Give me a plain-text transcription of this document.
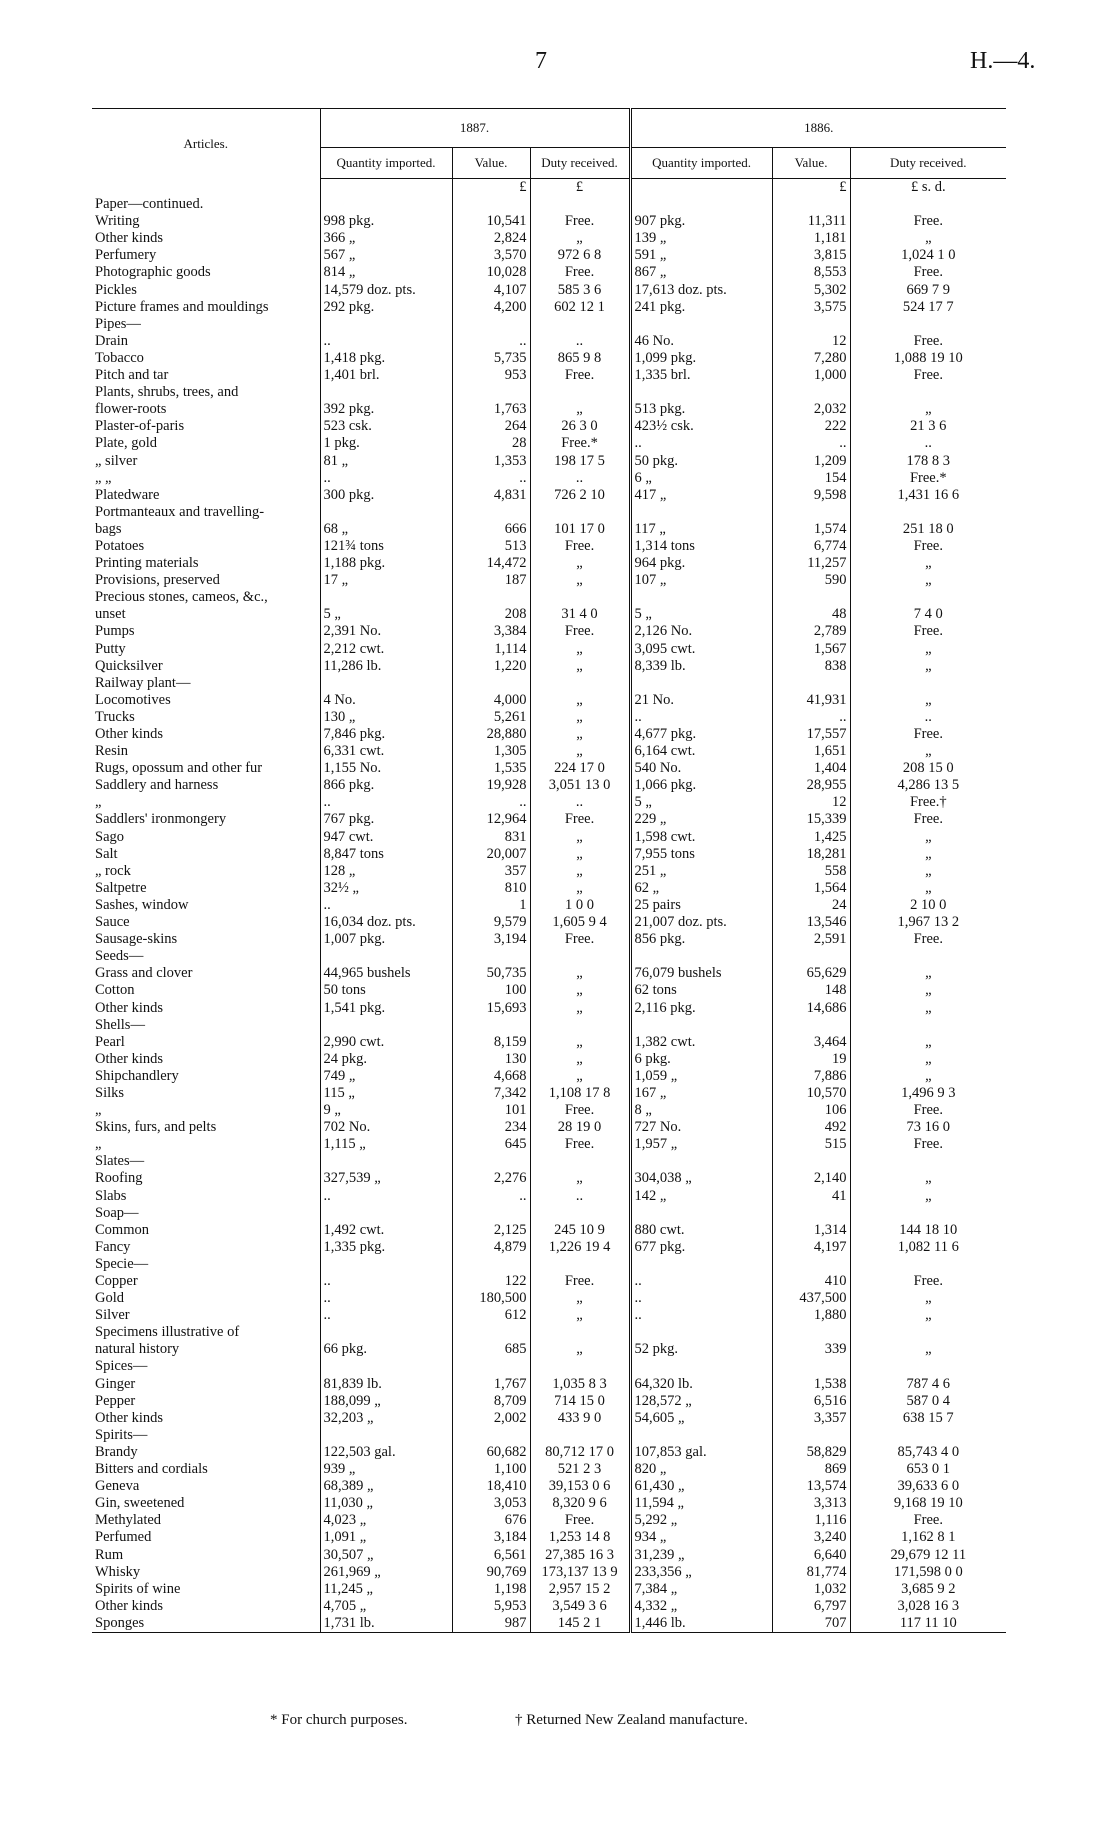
7	H.—4.
Articles.	1887.			1886.		
	Quantity imported.	Value.	Duty received.	Quantity imported.	Value.	Duty received.
		£	£		£	£ s. d.
Paper—continued.						
Writing	998 pkg.	10,541	Free.	907 pkg.	11,311	Free.
Other kinds	366 „	2,824	„	139 „	1,181	„
Perfumery	567 „	3,570	972 6 8	591 „	3,815	1,024 1 0
Photographic goods	814 „	10,028	Free.	867 „	8,553	Free.
Pickles	14,579 doz. pts.	4,107	585 3 6	17,613 doz. pts.	5,302	669 7 9
Picture frames and mouldings	292 pkg.	4,200	602 12 1	241 pkg.	3,575	524 17 7
Pipes—						
Drain	..	..	..	46 No.	12	Free.
Tobacco	1,418 pkg.	5,735	865 9 8	1,099 pkg.	7,280	1,088 19 10
Pitch and tar	1,401 brl.	953	Free.	1,335 brl.	1,000	Free.
Plants, shrubs, trees, and						
flower-roots	392 pkg.	1,763	„	513 pkg.	2,032	„
Plaster-of-paris	523 csk.	264	26 3 0	423½ csk.	222	21 3 6
Plate, gold	1 pkg.	28	Free.*	..	..	..
„ silver	81 „	1,353	198 17 5	50 pkg.	1,209	178 8 3
„ „	..	..	..	6 „	154	Free.*
Platedware	300 pkg.	4,831	726 2 10	417 „	9,598	1,431 16 6
Portmanteaux and travelling-						
bags	68 „	666	101 17 0	117 „	1,574	251 18 0
Potatoes	121¾ tons	513	Free.	1,314 tons	6,774	Free.
Printing materials	1,188 pkg.	14,472	„	964 pkg.	11,257	„
Provisions, preserved	17 „	187	„	107 „	590	„
Precious stones, cameos, &c.,						
unset	5 „	208	31 4 0	5 „	48	7 4 0
Pumps	2,391 No.	3,384	Free.	2,126 No.	2,789	Free.
Putty	2,212 cwt.	1,114	„	3,095 cwt.	1,567	„
Quicksilver	11,286 lb.	1,220	„	8,339 lb.	838	„
Railway plant—						
Locomotives	4 No.	4,000	„	21 No.	41,931	„
Trucks	130 „	5,261	„	..	..	..
Other kinds	7,846 pkg.	28,880	„	4,677 pkg.	17,557	Free.
Resin	6,331 cwt.	1,305	„	6,164 cwt.	1,651	„
Rugs, opossum and other fur	1,155 No.	1,535	224 17 0	540 No.	1,404	208 15 0
Saddlery and harness	866 pkg.	19,928	3,051 13 0	1,066 pkg.	28,955	4,286 13 5
„	..	..	..	5 „	12	Free.†
Saddlers' ironmongery	767 pkg.	12,964	Free.	229 „	15,339	Free.
Sago	947 cwt.	831	„	1,598 cwt.	1,425	„
Salt	8,847 tons	20,007	„	7,955 tons	18,281	„
„ rock	128 „	357	„	251 „	558	„
Saltpetre	32½ „	810	„	62 „	1,564	„
Sashes, window	..	1	1 0 0	25 pairs	24	2 10 0
Sauce	16,034 doz. pts.	9,579	1,605 9 4	21,007 doz. pts.	13,546	1,967 13 2
Sausage-skins	1,007 pkg.	3,194	Free.	856 pkg.	2,591	Free.
Seeds—						
Grass and clover	44,965 bushels	50,735	„	76,079 bushels	65,629	„
Cotton	50 tons	100	„	62 tons	148	„
Other kinds	1,541 pkg.	15,693	„	2,116 pkg.	14,686	„
Shells—						
Pearl	2,990 cwt.	8,159	„	1,382 cwt.	3,464	„
Other kinds	24 pkg.	130	„	6 pkg.	19	„
Shipchandlery	749 „	4,668	„	1,059 „	7,886	„
Silks	115 „	7,342	1,108 17 8	167 „	10,570	1,496 9 3
„	9 „	101	Free.	8 „	106	Free.
Skins, furs, and pelts	702 No.	234	28 19 0	727 No.	492	73 16 0
„	1,115 „	645	Free.	1,957 „	515	Free.
Slates—						
Roofing	327,539 „	2,276	„	304,038 „	2,140	„
Slabs	..	..	..	142 „	41	„
Soap—						
Common	1,492 cwt.	2,125	245 10 9	880 cwt.	1,314	144 18 10
Fancy	1,335 pkg.	4,879	1,226 19 4	677 pkg.	4,197	1,082 11 6
Specie—						
Copper	..	122	Free.	..	410	Free.
Gold	..	180,500	„	..	437,500	„
Silver	..	612	„	..	1,880	„
Specimens illustrative of						
natural history	66 pkg.	685	„	52 pkg.	339	„
Spices—						
Ginger	81,839 lb.	1,767	1,035 8 3	64,320 lb.	1,538	787 4 6
Pepper	188,099 „	8,709	714 15 0	128,572 „	6,516	587 0 4
Other kinds	32,203 „	2,002	433 9 0	54,605 „	3,357	638 15 7
Spirits—						
Brandy	122,503 gal.	60,682	80,712 17 0	107,853 gal.	58,829	85,743 4 0
Bitters and cordials	939 „	1,100	521 2 3	820 „	869	653 0 1
Geneva	68,389 „	18,410	39,153 0 6	61,430 „	13,574	39,633 6 0
Gin, sweetened	11,030 „	3,053	8,320 9 6	11,594 „	3,313	9,168 19 10
Methylated	4,023 „	676	Free.	5,292 „	1,116	Free.
Perfumed	1,091 „	3,184	1,253 14 8	934 „	3,240	1,162 8 1
Rum	30,507 „	6,561	27,385 16 3	31,239 „	6,640	29,679 12 11
Whisky	261,969 „	90,769	173,137 13 9	233,356 „	81,774	171,598 0 0
Spirits of wine	11,245 „	1,198	2,957 15 2	7,384 „	1,032	3,685 9 2
Other kinds	4,705 „	5,953	3,549 3 6	4,332 „	6,797	3,028 16 3
Sponges	1,731 lb.	987	145 2 1	1,446 lb.	707	117 11 10
* For church purposes.	† Returned New Zealand manufacture.
